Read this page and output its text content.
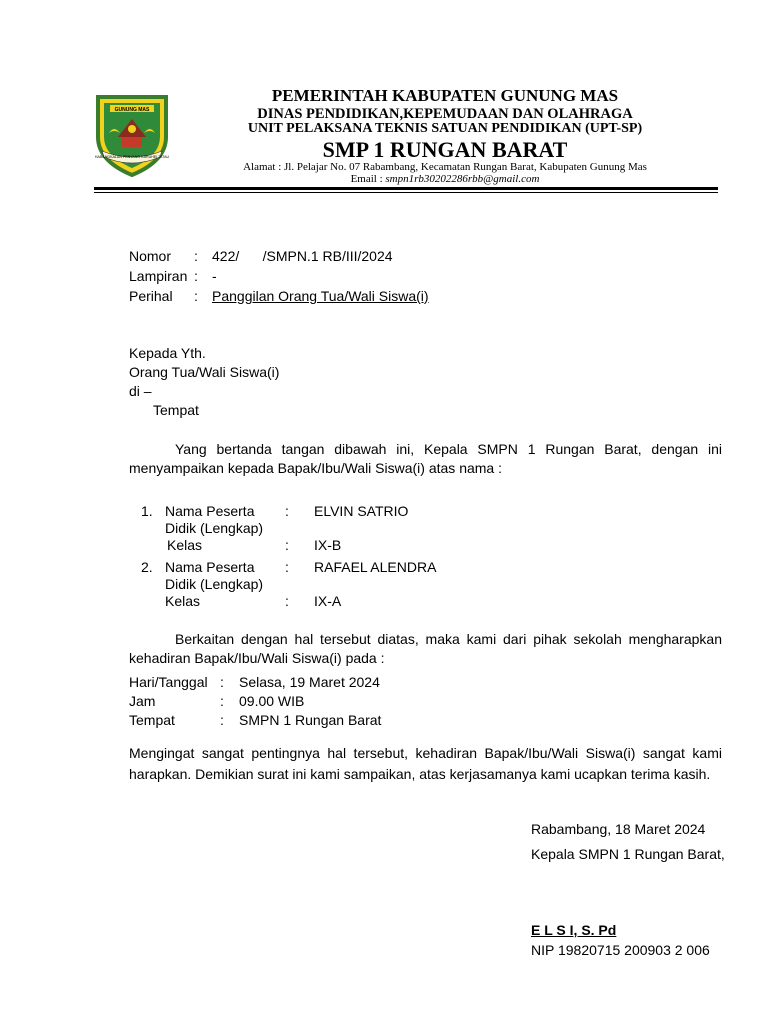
GUNUNG MAS
HABANGKALAN PENYANG KARUHEI TATAU
PEMERINTAH KABUPATEN GUNUNG MAS
DINAS PENDIDIKAN,KEPEMUDAAN DAN OLAHRAGA
UNIT PELAKSANA TEKNIS SATUAN PENDIDIKAN (UPT-SP)
SMP 1 RUNGAN BARAT
Alamat : Jl. Pelajar No. 07 Rabambang, Kecamatan Rungan Barat, Kabupaten Gunung Mas
Email : smpn1rb30202286rbb@gmail.com
Nomor : 422/      /SMPN.1 RB/III/2024
Lampiran : -
Perihal : Panggilan Orang Tua/Wali Siswa(i)
Kepada Yth.
Orang Tua/Wali Siswa(i)
di –
Tempat
Yang bertanda tangan dibawah ini, Kepala SMPN 1 Rungan Barat, dengan ini menyampaikan kepada Bapak/Ibu/Wali Siswa(i) atas nama :
1. Nama Peserta
Didik (Lengkap)
: ELVIN SATRIO
Kelas	: IX-B
2. Nama Peserta
Didik (Lengkap)
: RAFAEL ALENDRA
Kelas	: IX-A
Berkaitan dengan hal tersebut diatas, maka kami dari pihak sekolah mengharapkan kehadiran Bapak/Ibu/Wali Siswa(i) pada :
Hari/Tanggal : Selasa, 19 Maret 2024
Jam	: 09.00 WIB
Tempat	: SMPN 1 Rungan Barat
Mengingat sangat pentingnya hal tersebut, kehadiran Bapak/Ibu/Wali Siswa(i) sangat kami harapkan. Demikian surat ini kami sampaikan, atas kerjasamanya kami ucapkan terima kasih.
Rabambang, 18 Maret 2024
Kepala SMPN 1 Rungan Barat,
E L S I, S. Pd
NIP 19820715 200903 2 006
